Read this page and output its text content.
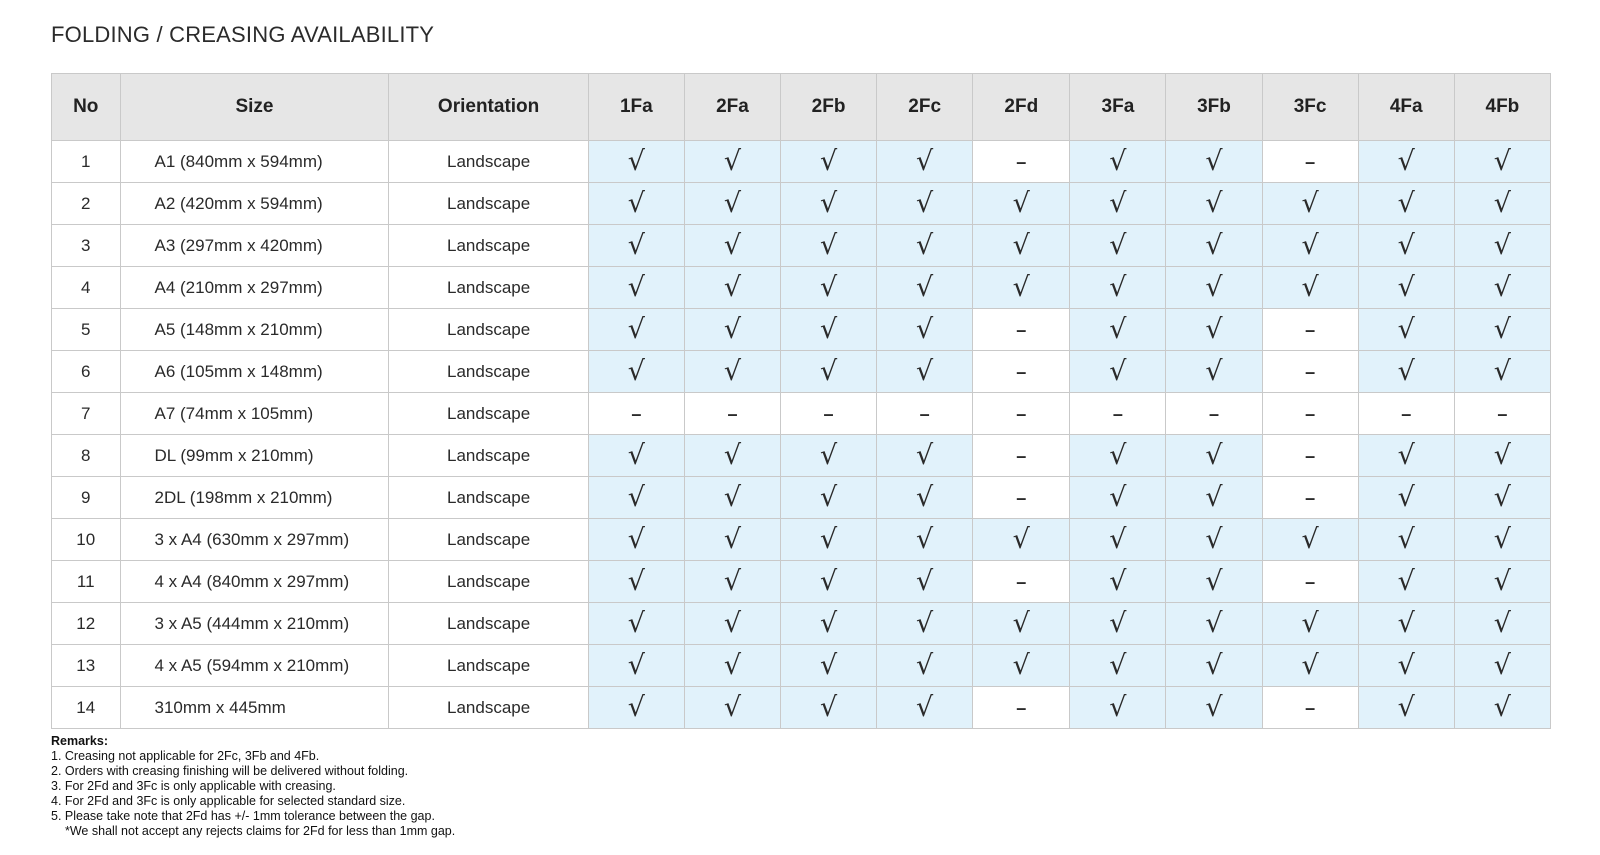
FOLDING / CREASING AVAILABILITY
No	Size	Orientation	1Fa	2Fa	2Fb	2Fc	2Fd	3Fa	3Fb	3Fc	4Fa	4Fb
1	A1 (840mm x 594mm)	Landscape	√	√	√	√	–	√	√	–	√	√
2	A2 (420mm x 594mm)	Landscape	√	√	√	√	√	√	√	√	√	√
3	A3 (297mm x 420mm)	Landscape	√	√	√	√	√	√	√	√	√	√
4	A4 (210mm x 297mm)	Landscape	√	√	√	√	√	√	√	√	√	√
5	A5 (148mm x 210mm)	Landscape	√	√	√	√	–	√	√	–	√	√
6	A6 (105mm x 148mm)	Landscape	√	√	√	√	–	√	√	–	√	√
7	A7 (74mm x 105mm)	Landscape	–	–	–	–	–	–	–	–	–	–
8	DL (99mm x 210mm)	Landscape	√	√	√	√	–	√	√	–	√	√
9	2DL (198mm x 210mm)	Landscape	√	√	√	√	–	√	√	–	√	√
10	3 x A4 (630mm x 297mm)	Landscape	√	√	√	√	√	√	√	√	√	√
11	4 x A4 (840mm x 297mm)	Landscape	√	√	√	√	–	√	√	–	√	√
12	3 x A5 (444mm x 210mm)	Landscape	√	√	√	√	√	√	√	√	√	√
13	4 x A5 (594mm x 210mm)	Landscape	√	√	√	√	√	√	√	√	√	√
14	310mm x 445mm	Landscape	√	√	√	√	–	√	√	–	√	√
Remarks:
1. Creasing not applicable for 2Fc, 3Fb and 4Fb.
2. Orders with creasing finishing will be delivered without folding.
3. For 2Fd and 3Fc is only applicable with creasing.
4. For 2Fd and 3Fc is only applicable for selected standard size.
5. Please take note that 2Fd has +/- 1mm tolerance between the gap.
*We shall not accept any rejects claims for 2Fd for less than 1mm gap.
